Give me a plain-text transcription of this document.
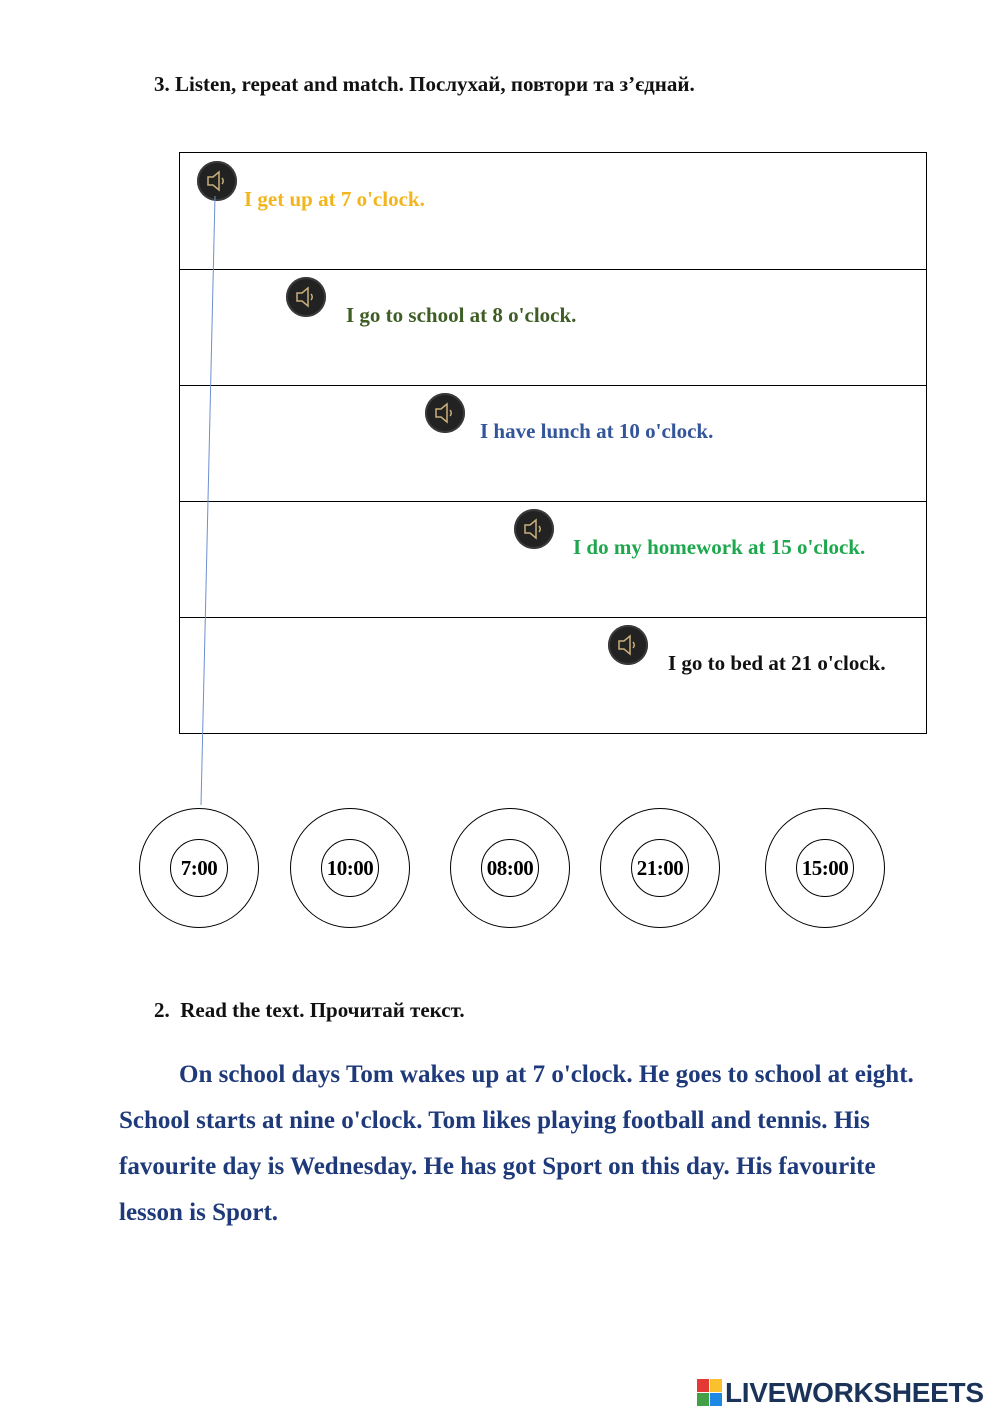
3. Listen, repeat and match. Послухай, повтори та з’єднай.
I get up at 7 o'clock.
I go to school at 8 o'clock.
I have lunch at 10 o'clock.
I do my homework at 15 o'clock.
I go to bed at 21 o'clock.
7:00	10:00	08:00	21:00	15:00
2.  Read the text. Прочитай текст.
On school days Tom wakes up at 7 o'clock. He goes to school at eight. School starts at nine o'clock. Tom likes playing football and tennis. His favourite day is Wednesday. He has got Sport on this day. His favourite lesson is Sport.
LIVEWORKSHEETS
